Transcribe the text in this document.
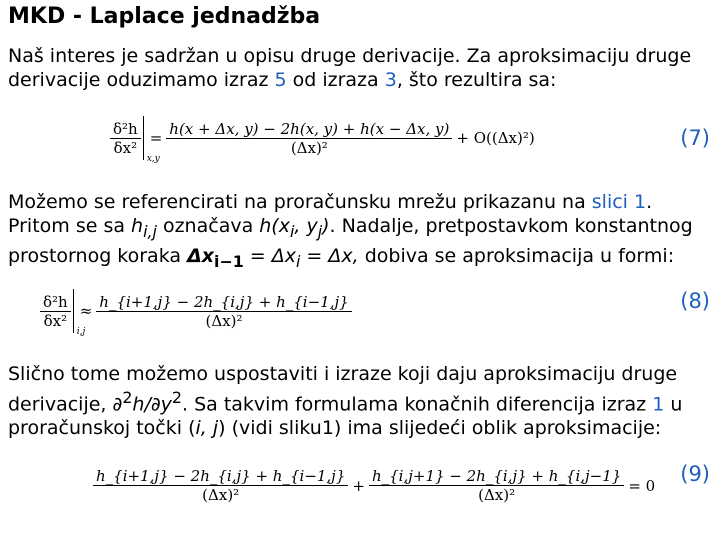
MKD - Laplace jednadžba
Naš interes je sadržan u opisu druge derivacije. Za aproksimaciju druge derivacije oduzimamo izraz 5 od izraza 3, što rezultira sa:
$\frac{\text{δ²h}}{\text{δx²}}$
x,y
= $\frac{h(x + \Delta x, y) - 2h(x, y) + h(x - \Delta x, y)}{\text{(Δx)²}} + O((\Delta x)^2)$	(7)
Možemo se referencirati na proračunsku mrežu prikazanu na slici 1. Pritom se sa $h_{i,j}$ označava $h(x_i$, $y_j$). Nadalje, pretpostavkom konstantnog prostornog koraka $\Delta x_{i-1} = \Delta x_i = \Delta x$, dobiva se aproksimacija u formi:
$\frac{\text{δ²h}}{\text{δx²}}$
i,j
≈ $\frac{h\_\{i+1,j\} - 2h\_\{i,j\} + h\_\{i-1,j\}}{\text{(Δx)²}}$	(8)
Slično tome možemo uspostaviti i izraze koji daju aproksimaciju druge derivacije, $\partial^2h/\partial y^2$. Sa takvim formulama konačnih diferencija izraz 1 u proračunskoj točki (i, j) (vidi sliku1) ima slijedeći oblik aproksimacije:
$\frac{h\_\{i+1,j\} - 2h\_\{i,j\} + h\_\{i-1,j\}}{\text{(Δx)²}} + \frac{h\_\{i,j+1\} - 2h\_\{i,j\} + h\_\{i,j-1\}}{\text{(Δx)²}} = 0$ (9)
